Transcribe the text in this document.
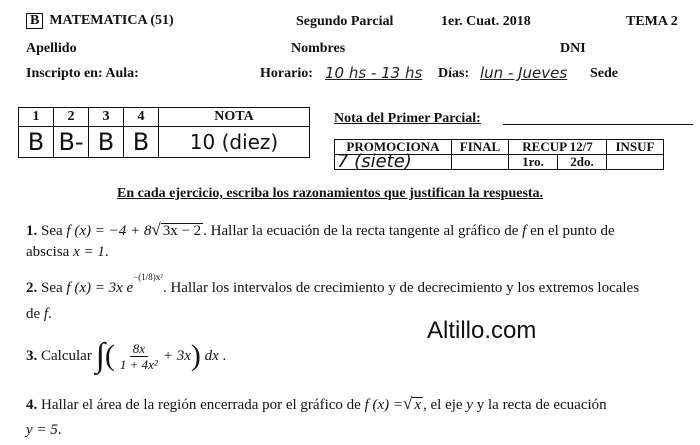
B MATEMATICA (51)	Segundo Parcial	1er. Cuat. 2018	TEMA 2
Apellido	Nombres	DNI
Inscripto en: Aula:	Horario: 10 hs - 13 hs Días: lun - Jueves Sede
1	2	3	4	NOTA
B	B-	B	B	10 (diez)
Nota del Primer Parcial:
PROMOCIONA	FINAL	RECUP 12/7		INSUF
7 (siete)		1ro.	2do.	
En cada ejercicio, escriba los razonamientos que justifican la respuesta.
1. Sea f (x) = −4 + 8√ 3x − 2 . Hallar la ecuación de la recta tangente al gráfico de f en el punto de
abscisa x = 1.
2. Sea f (x) = 3x $e^{-(1/8)x^2}$. Hallar los intervalos de crecimiento y de decrecimiento y los extremos locales
de f.
Altillo.com
3.
Calcular
∫ ( $\frac{8x}{\text{1 + 4x²}} + 3x$ )
dx
.
4. Hallar el área de la región encerrada por el gráfico de f (x) =√ x , el eje y y la recta de ecuación
y = 5.
